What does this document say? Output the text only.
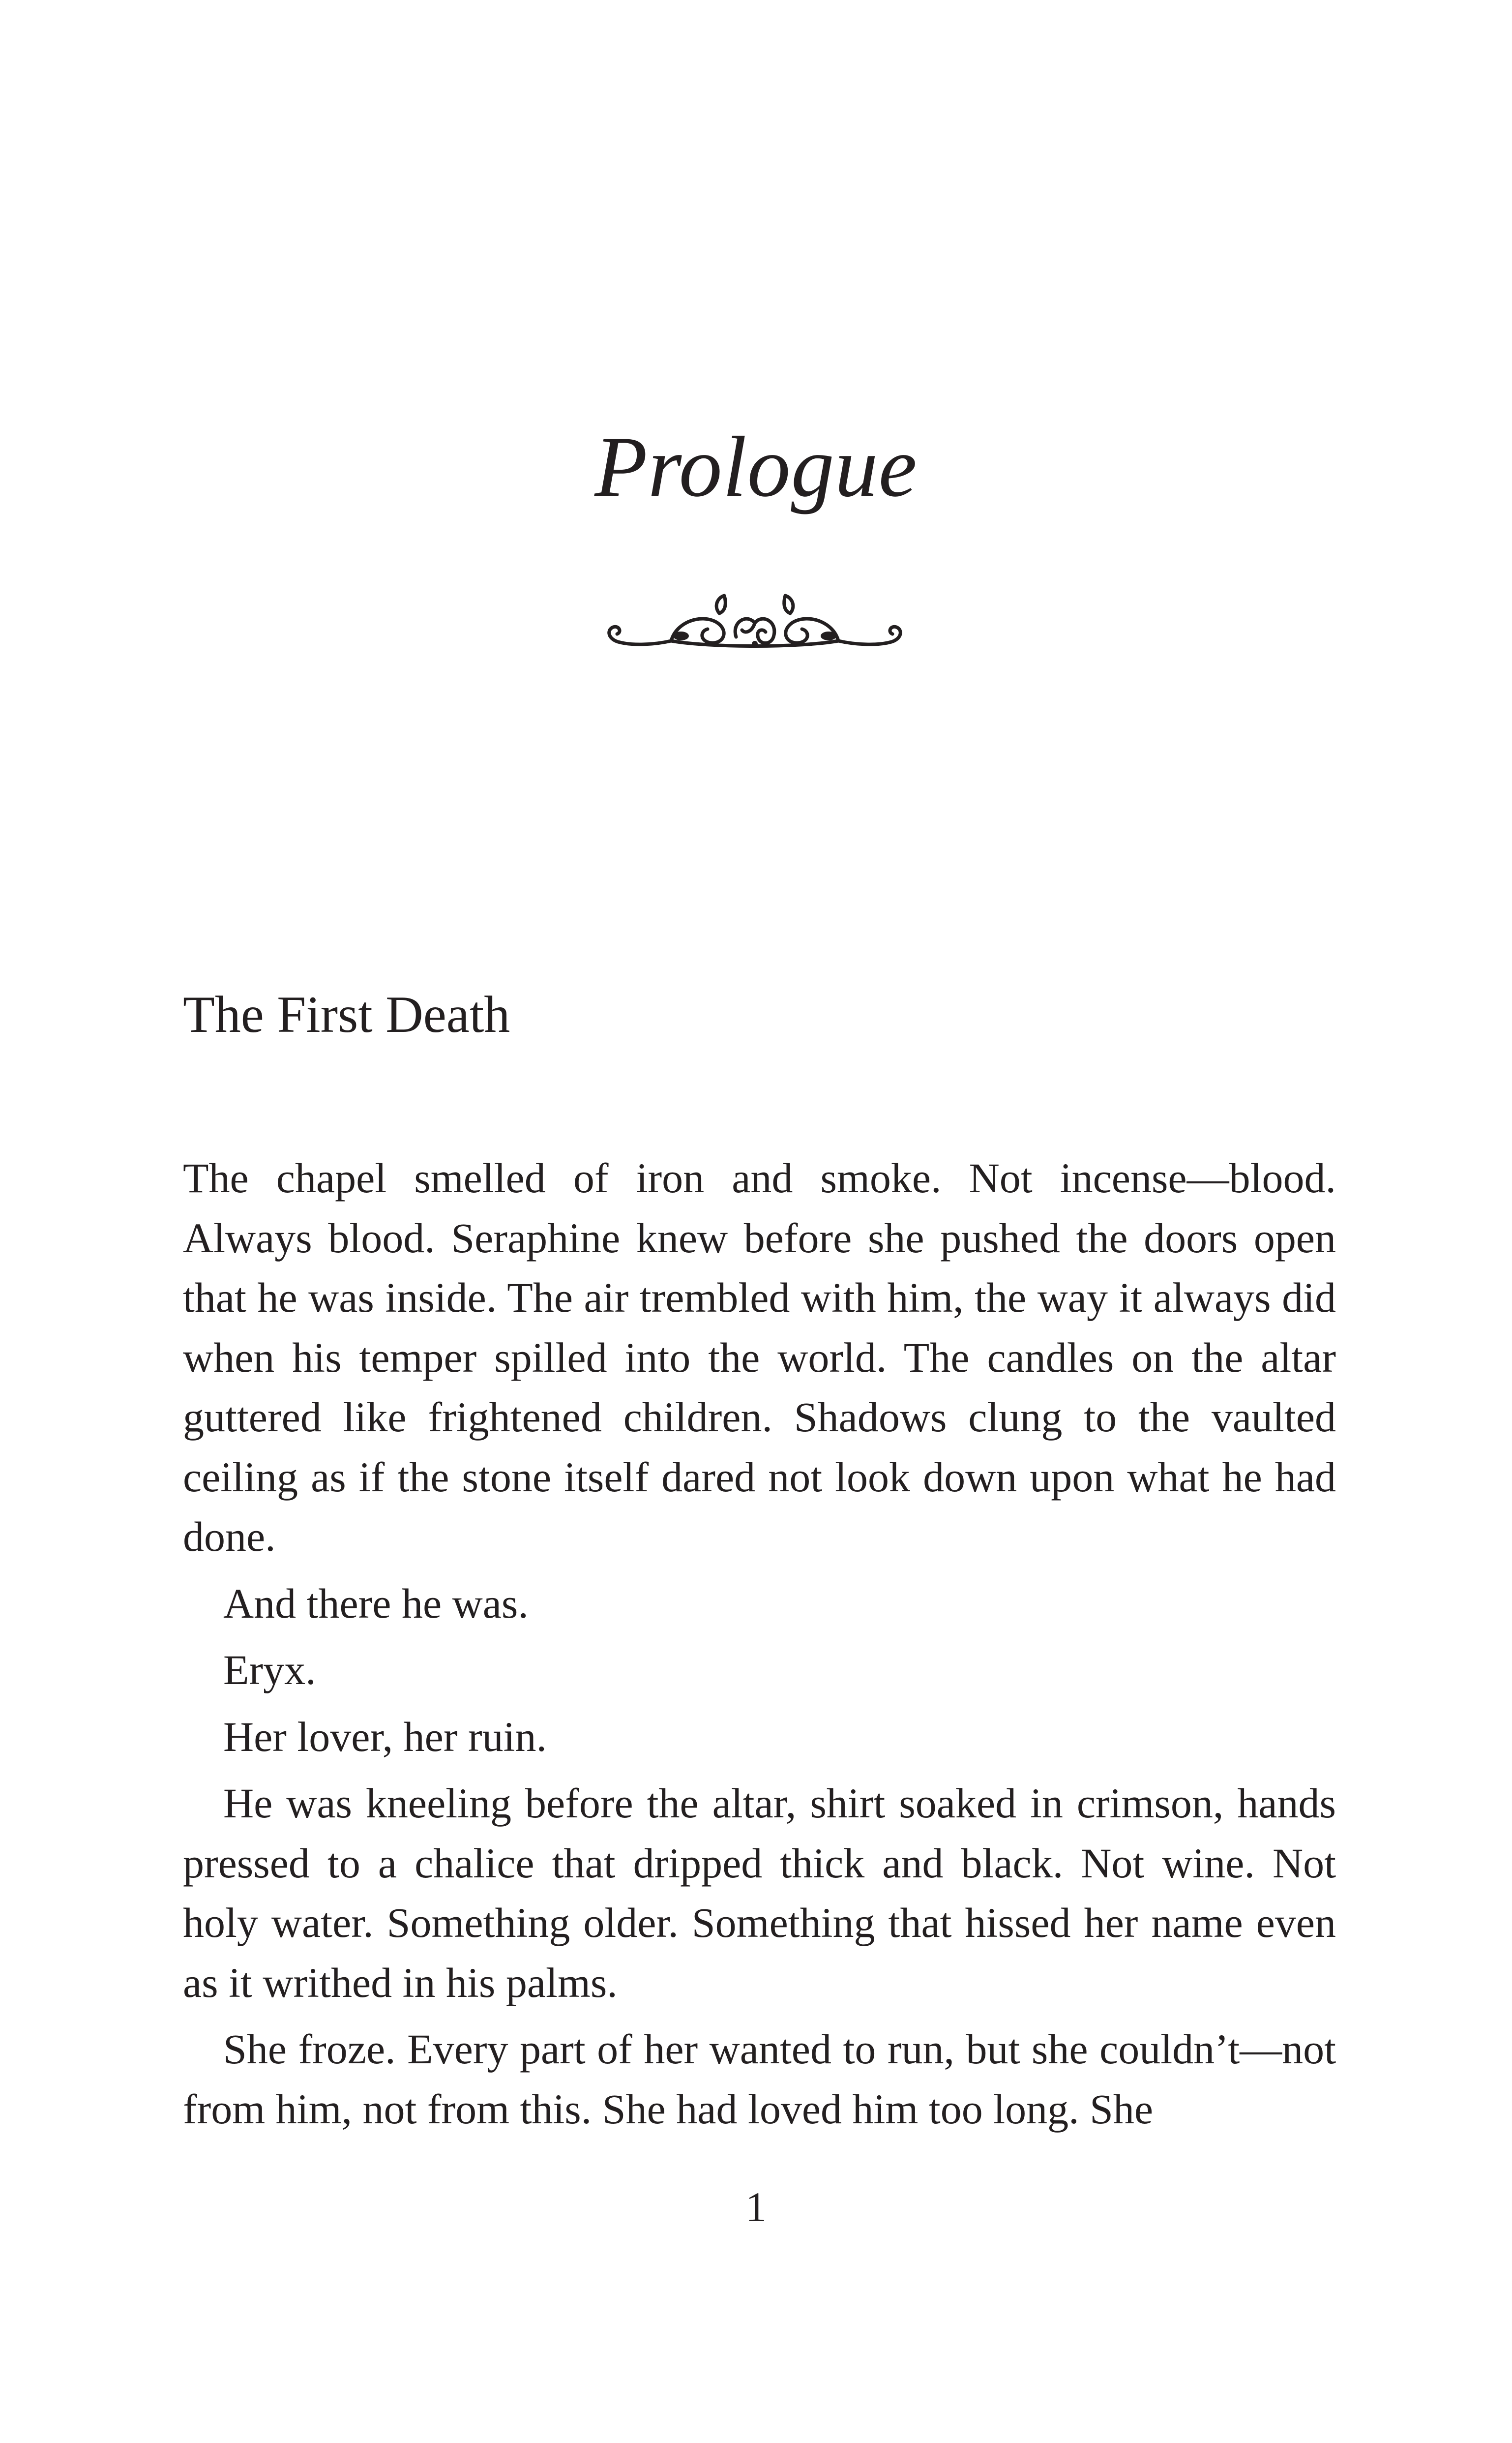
Prologue
The First Death

The chapel smelled of iron and smoke. Not incense—blood. Always blood. Seraphine knew before she pushed the doors open that he was inside. The air trembled with him, the way it always did when his temper spilled into the world. The candles on the altar guttered like frightened children. Shadows clung to the vaulted ceiling as if the stone itself dared not look down upon what he had done.

And there he was.

Eryx.

Her lover, her ruin.

He was kneeling before the altar, shirt soaked in crimson, hands pressed to a chalice that dripped thick and black. Not wine. Not holy water. Something older. Something that hissed her name even as it writhed in his palms.

She froze. Every part of her wanted to run, but she couldn’t—not from him, not from this. She had loved him too long. She

1
